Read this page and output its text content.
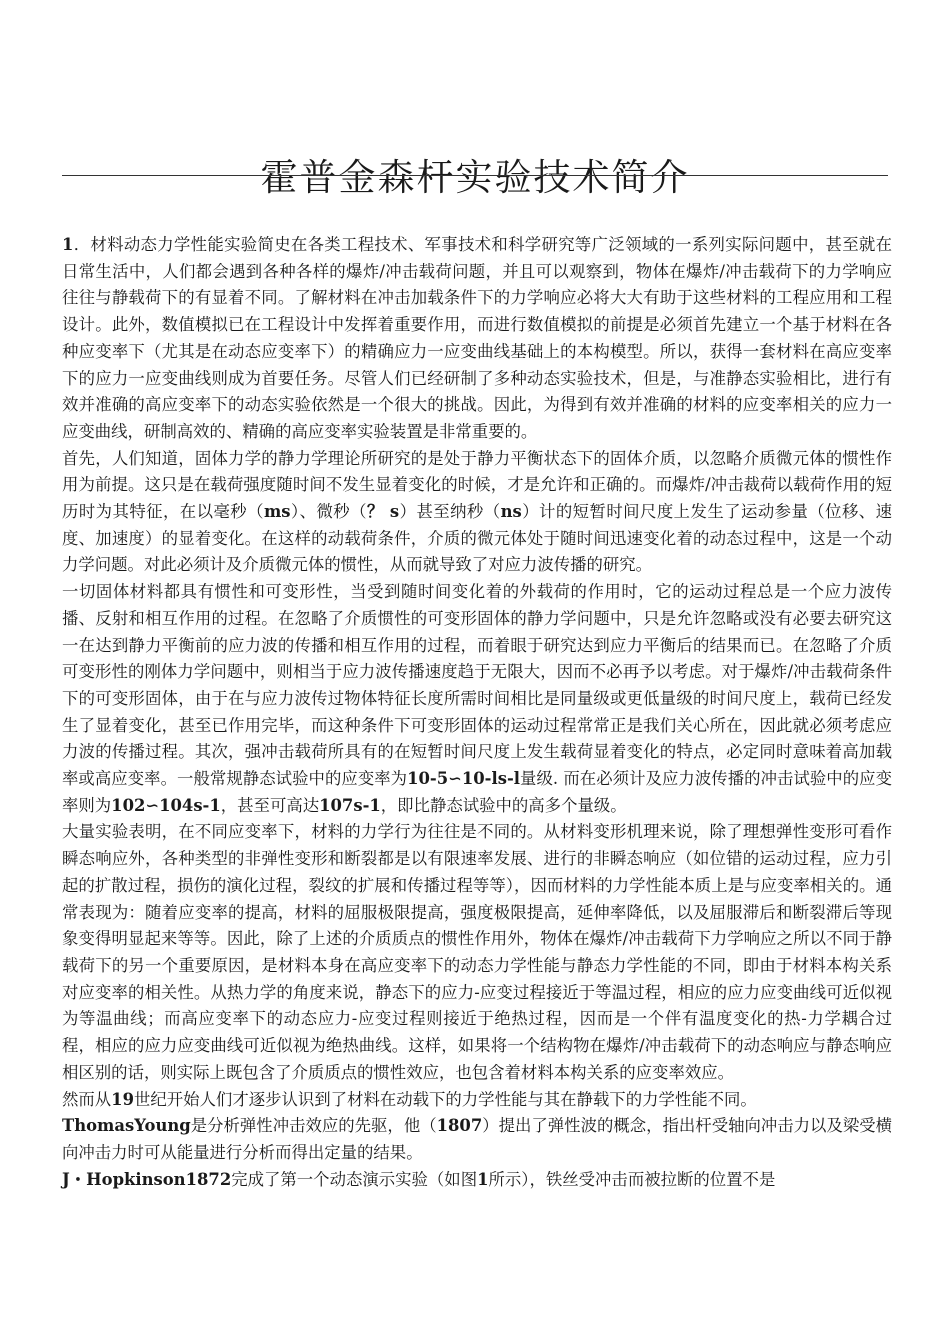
霍普金森杆实验技术简介

1．材料动态力学性能实验简史在各类工程技术、军事技术和科学研究等广泛领域的一系列实际问题中，甚至就在日常生活中，人们都会遇到各种各样的爆炸/冲击载荷问题，并且可以观察到，物体在爆炸/冲击载荷下的力学响应往往与静载荷下的有显着不同。了解材料在冲击加载条件下的力学响应必将大大有助于这些材料的工程应用和工程设计。此外，数值模拟已在工程设计中发挥着重要作用，而进行数值模拟的前提是必须首先建立一个基于材料在各种应变率下（尤其是在动态应变率下）的精确应力一应变曲线基础上的本构模型。所以，获得一套材料在高应变率下的应力一应变曲线则成为首要任务。尽管人们已经研制了多种动态实验技术，但是，与准静态实验相比，进行有效并准确的高应变率下的动态实验依然是一个很大的挑战。因此，为得到有效并准确的材料的应变率相关的应力一应变曲线，研制高效的、精确的高应变率实验装置是非常重要的。

首先，人们知道，固体力学的静力学理论所研究的是处于静力平衡状态下的固体介质，以忽略介质微元体的惯性作用为前提。这只是在载荷强度随时间不发生显着变化的时候，才是允许和正确的。而爆炸/冲击裁荷以载荷作用的短历时为其特征，在以毫秒（ms）、微秒（？ s）甚至纳秒（ns）计的短暂时间尺度上发生了运动参量（位移、速度、加速度）的显着变化。在这样的动载荷条件，介质的微元体处于随时间迅速变化着的动态过程中，这是一个动力学问题。对此必须计及介质微元体的惯性，从而就导致了对应力波传播的研究。

一切固体材料都具有惯性和可变形性，当受到随时间变化着的外载荷的作用时，它的运动过程总是一个应力波传播、反射和相互作用的过程。在忽略了介质惯性的可变形固体的静力学问题中，只是允许忽略或没有必要去研究这一在达到静力平衡前的应力波的传播和相互作用的过程，而着眼于研究达到应力平衡后的结果而已。在忽略了介质可变形性的刚体力学问题中，则相当于应力波传播速度趋于无限大，因而不必再予以考虑。对于爆炸/冲击载荷条件下的可变形固体，由于在与应力波传过物体特征长度所需时间相比是同量级或更低量级的时间尺度上，载荷已经发生了显着变化，甚至已作用完毕，而这种条件下可变形固体的运动过程常常正是我们关心所在，因此就必须考虑应力波的传播过程。其次，强冲击载荷所具有的在短暂时间尺度上发生载荷显着变化的特点，必定同时意味着高加载率或高应变率。一般常规静态试验中的应变率为10-5∽10-ls-l量级. 而在必须计及应力波传播的冲击试验中的应变率则为102∽104s-1，甚至可高达107s-1，即比静态试验中的高多个量级。

大量实验表明，在不同应变率下，材料的力学行为往往是不同的。从材料变形机理来说，除了理想弹性变形可看作瞬态响应外，各种类型的非弹性变形和断裂都是以有限速率发展、进行的非瞬态响应（如位错的运动过程，应力引起的扩散过程，损伤的演化过程，裂纹的扩展和传播过程等等），因而材料的力学性能本质上是与应变率相关的。通常表现为：随着应变率的提高，材料的屈服极限提高，强度极限提高，延伸率降低，以及屈服滞后和断裂滞后等现象变得明显起来等等。因此，除了上述的介质质点的惯性作用外，物体在爆炸/冲击载荷下力学响应之所以不同于静载荷下的另一个重要原因，是材料本身在高应变率下的动态力学性能与静态力学性能的不同，即由于材料本构关系对应变率的相关性。从热力学的角度来说，静态下的应力-应变过程接近于等温过程，相应的应力应变曲线可近似视为等温曲线；而高应变率下的动态应力-应变过程则接近于绝热过程，因而是一个伴有温度变化的热-力学耦合过程，相应的应力应变曲线可近似视为绝热曲线。这样，如果将一个结构物在爆炸/冲击载荷下的动态响应与静态响应相区别的话，则实际上既包含了介质质点的惯性效应，也包含着材料本构关系的应变率效应。

然而从19世纪开始人们才逐步认识到了材料在动载下的力学性能与其在静载下的力学性能不同。

ThomasYoung是分析弹性冲击效应的先驱，他（1807）提出了弹性波的概念，指出杆受轴向冲击力以及梁受横向冲击力时可从能量进行分析而得出定量的结果。

J・Hopkinson1872完成了第一个动态演示实验（如图1所示），铁丝受冲击而被拉断的位置不是
